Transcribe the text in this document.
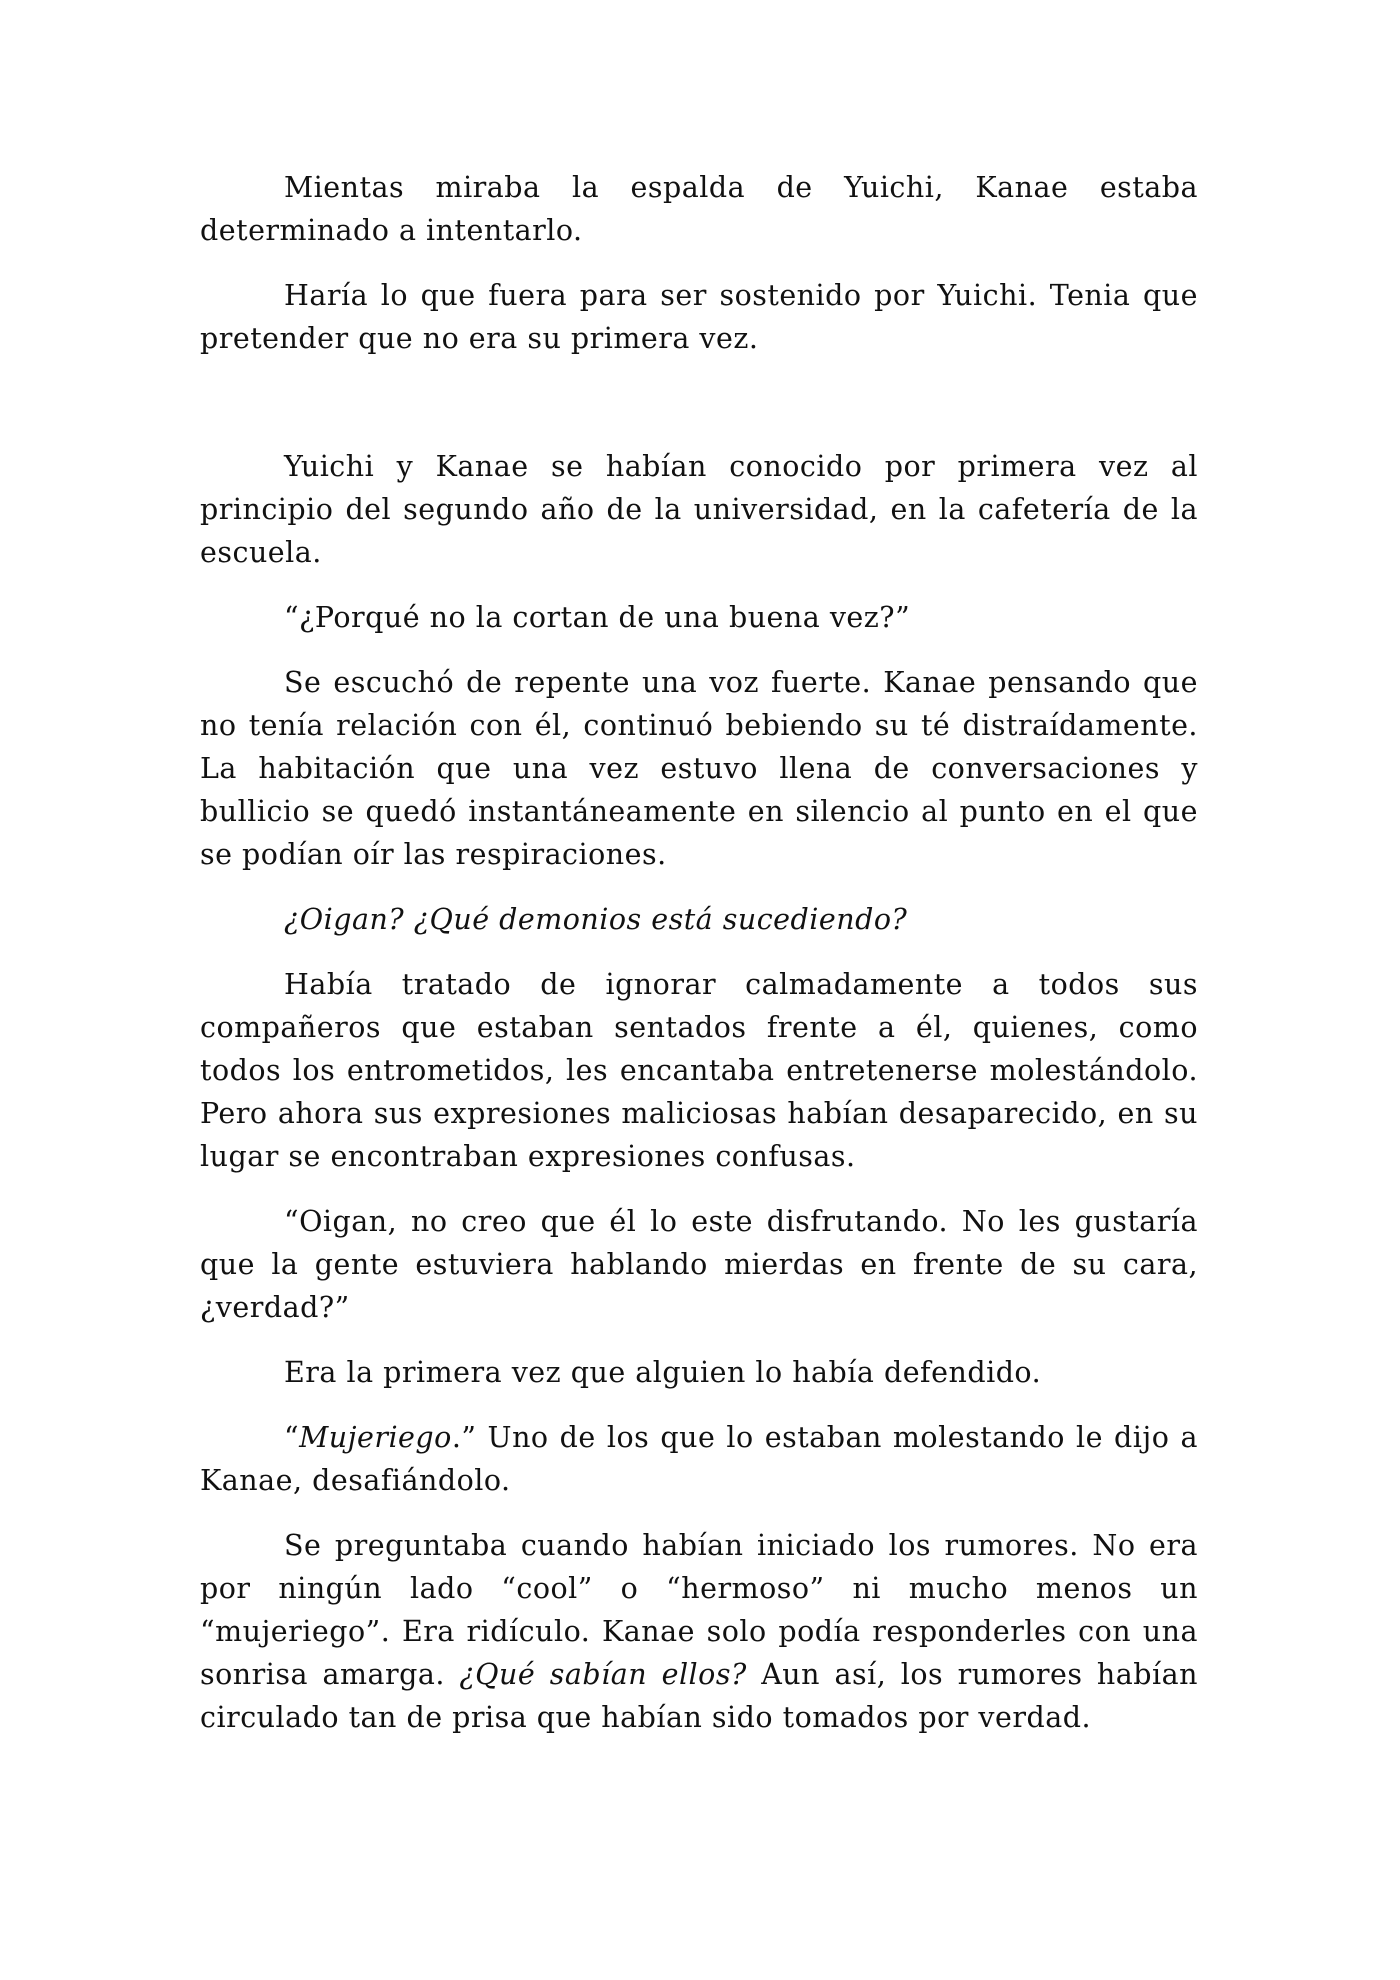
Mientas miraba la espalda de Yuichi, Kanae estaba determinado a intentarlo.

Haría lo que fuera para ser sostenido por Yuichi. Tenia que pretender que no era su primera vez.

Yuichi y Kanae se habían conocido por primera vez al principio del segundo año de la universidad, en la cafetería de la escuela.

“¿Porqué no la cortan de una buena vez?”

Se escuchó de repente una voz fuerte. Kanae pensando que no tenía relación con él, continuó bebiendo su té distraídamente. La habitación que una vez estuvo llena de conversaciones y bullicio se quedó instantáneamente en silencio al punto en el que se podían oír las respiraciones.

¿Oigan? ¿Qué demonios está sucediendo?

Había tratado de ignorar calmadamente a todos sus compañeros que estaban sentados frente a él, quienes, como todos los entrometidos, les encantaba entretenerse molestándolo. Pero ahora sus expresiones maliciosas habían desaparecido, en su lugar se encontraban expresiones confusas.

“Oigan, no creo que él lo este disfrutando. No les gustaría que la gente estuviera hablando mierdas en frente de su cara, ¿verdad?”

Era la primera vez que alguien lo había defendido.

“Mujeriego.” Uno de los que lo estaban molestando le dijo a Kanae, desafiándolo.

Se preguntaba cuando habían iniciado los rumores. No era por ningún lado “cool” o “hermoso” ni mucho menos un “mujeriego”. Era ridículo. Kanae solo podía responderles con una sonrisa amarga. ¿Qué sabían ellos? Aun así, los rumores habían circulado tan de prisa que habían sido tomados por verdad.
